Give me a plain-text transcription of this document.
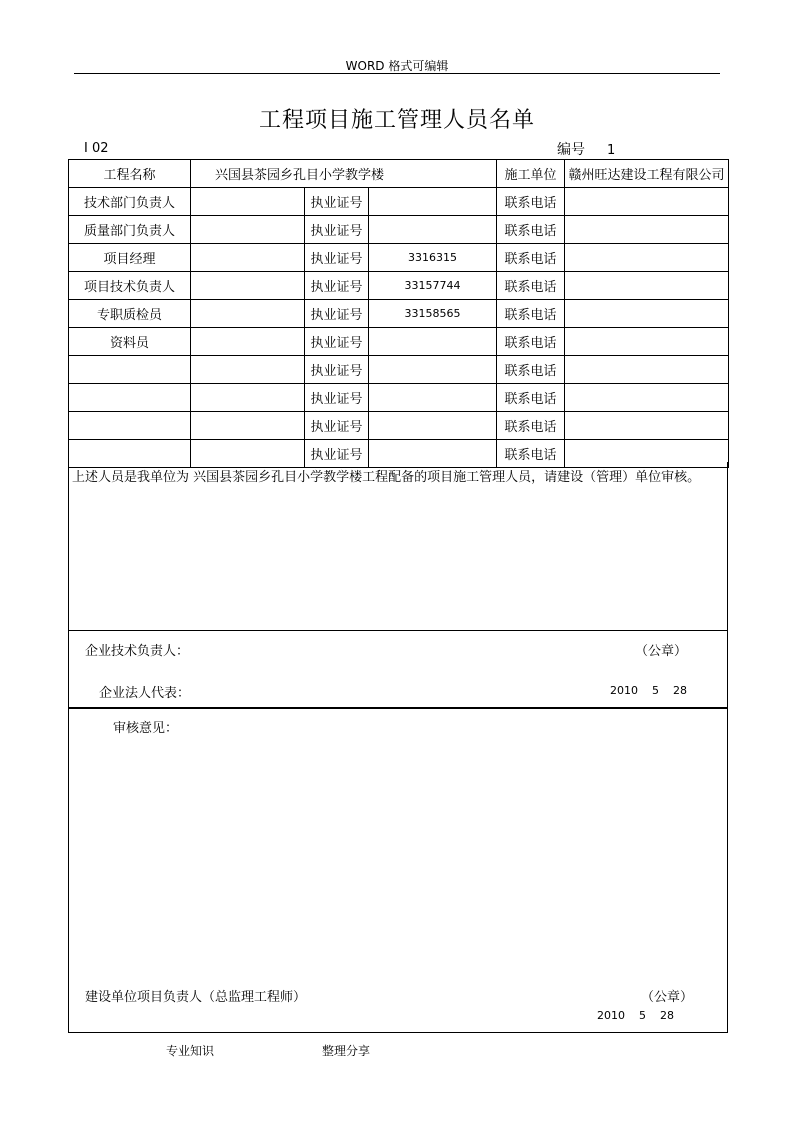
WORD 格式可编辑
工程项目施工管理人员名单
I 02	编号 1
工程名称	兴国县茶园乡孔目小学教学楼			施工单位	赣州旺达建设工程有限公司
技术部门负责人		执业证号		联系电话	
质量部门负责人		执业证号		联系电话	
项目经理		执业证号	3316315	联系电话	
项目技术负责人		执业证号	33157744	联系电话	
专职质检员		执业证号	33158565	联系电话	
资料员		执业证号		联系电话	
		执业证号		联系电话	
		执业证号		联系电话	
		执业证号		联系电话	
		执业证号		联系电话	

上述人员是我单位为 兴国县茶园乡孔目小学教学楼工程配备的项目施工管理人员，请建设（管理）单位审核。

企业技术负责人：	（公章）
企业法人代表：	2010    5    28
审核意见：
建设单位项目负责人（总监理工程师）	（公章）
2010    5    28
专业知识	整理分享
